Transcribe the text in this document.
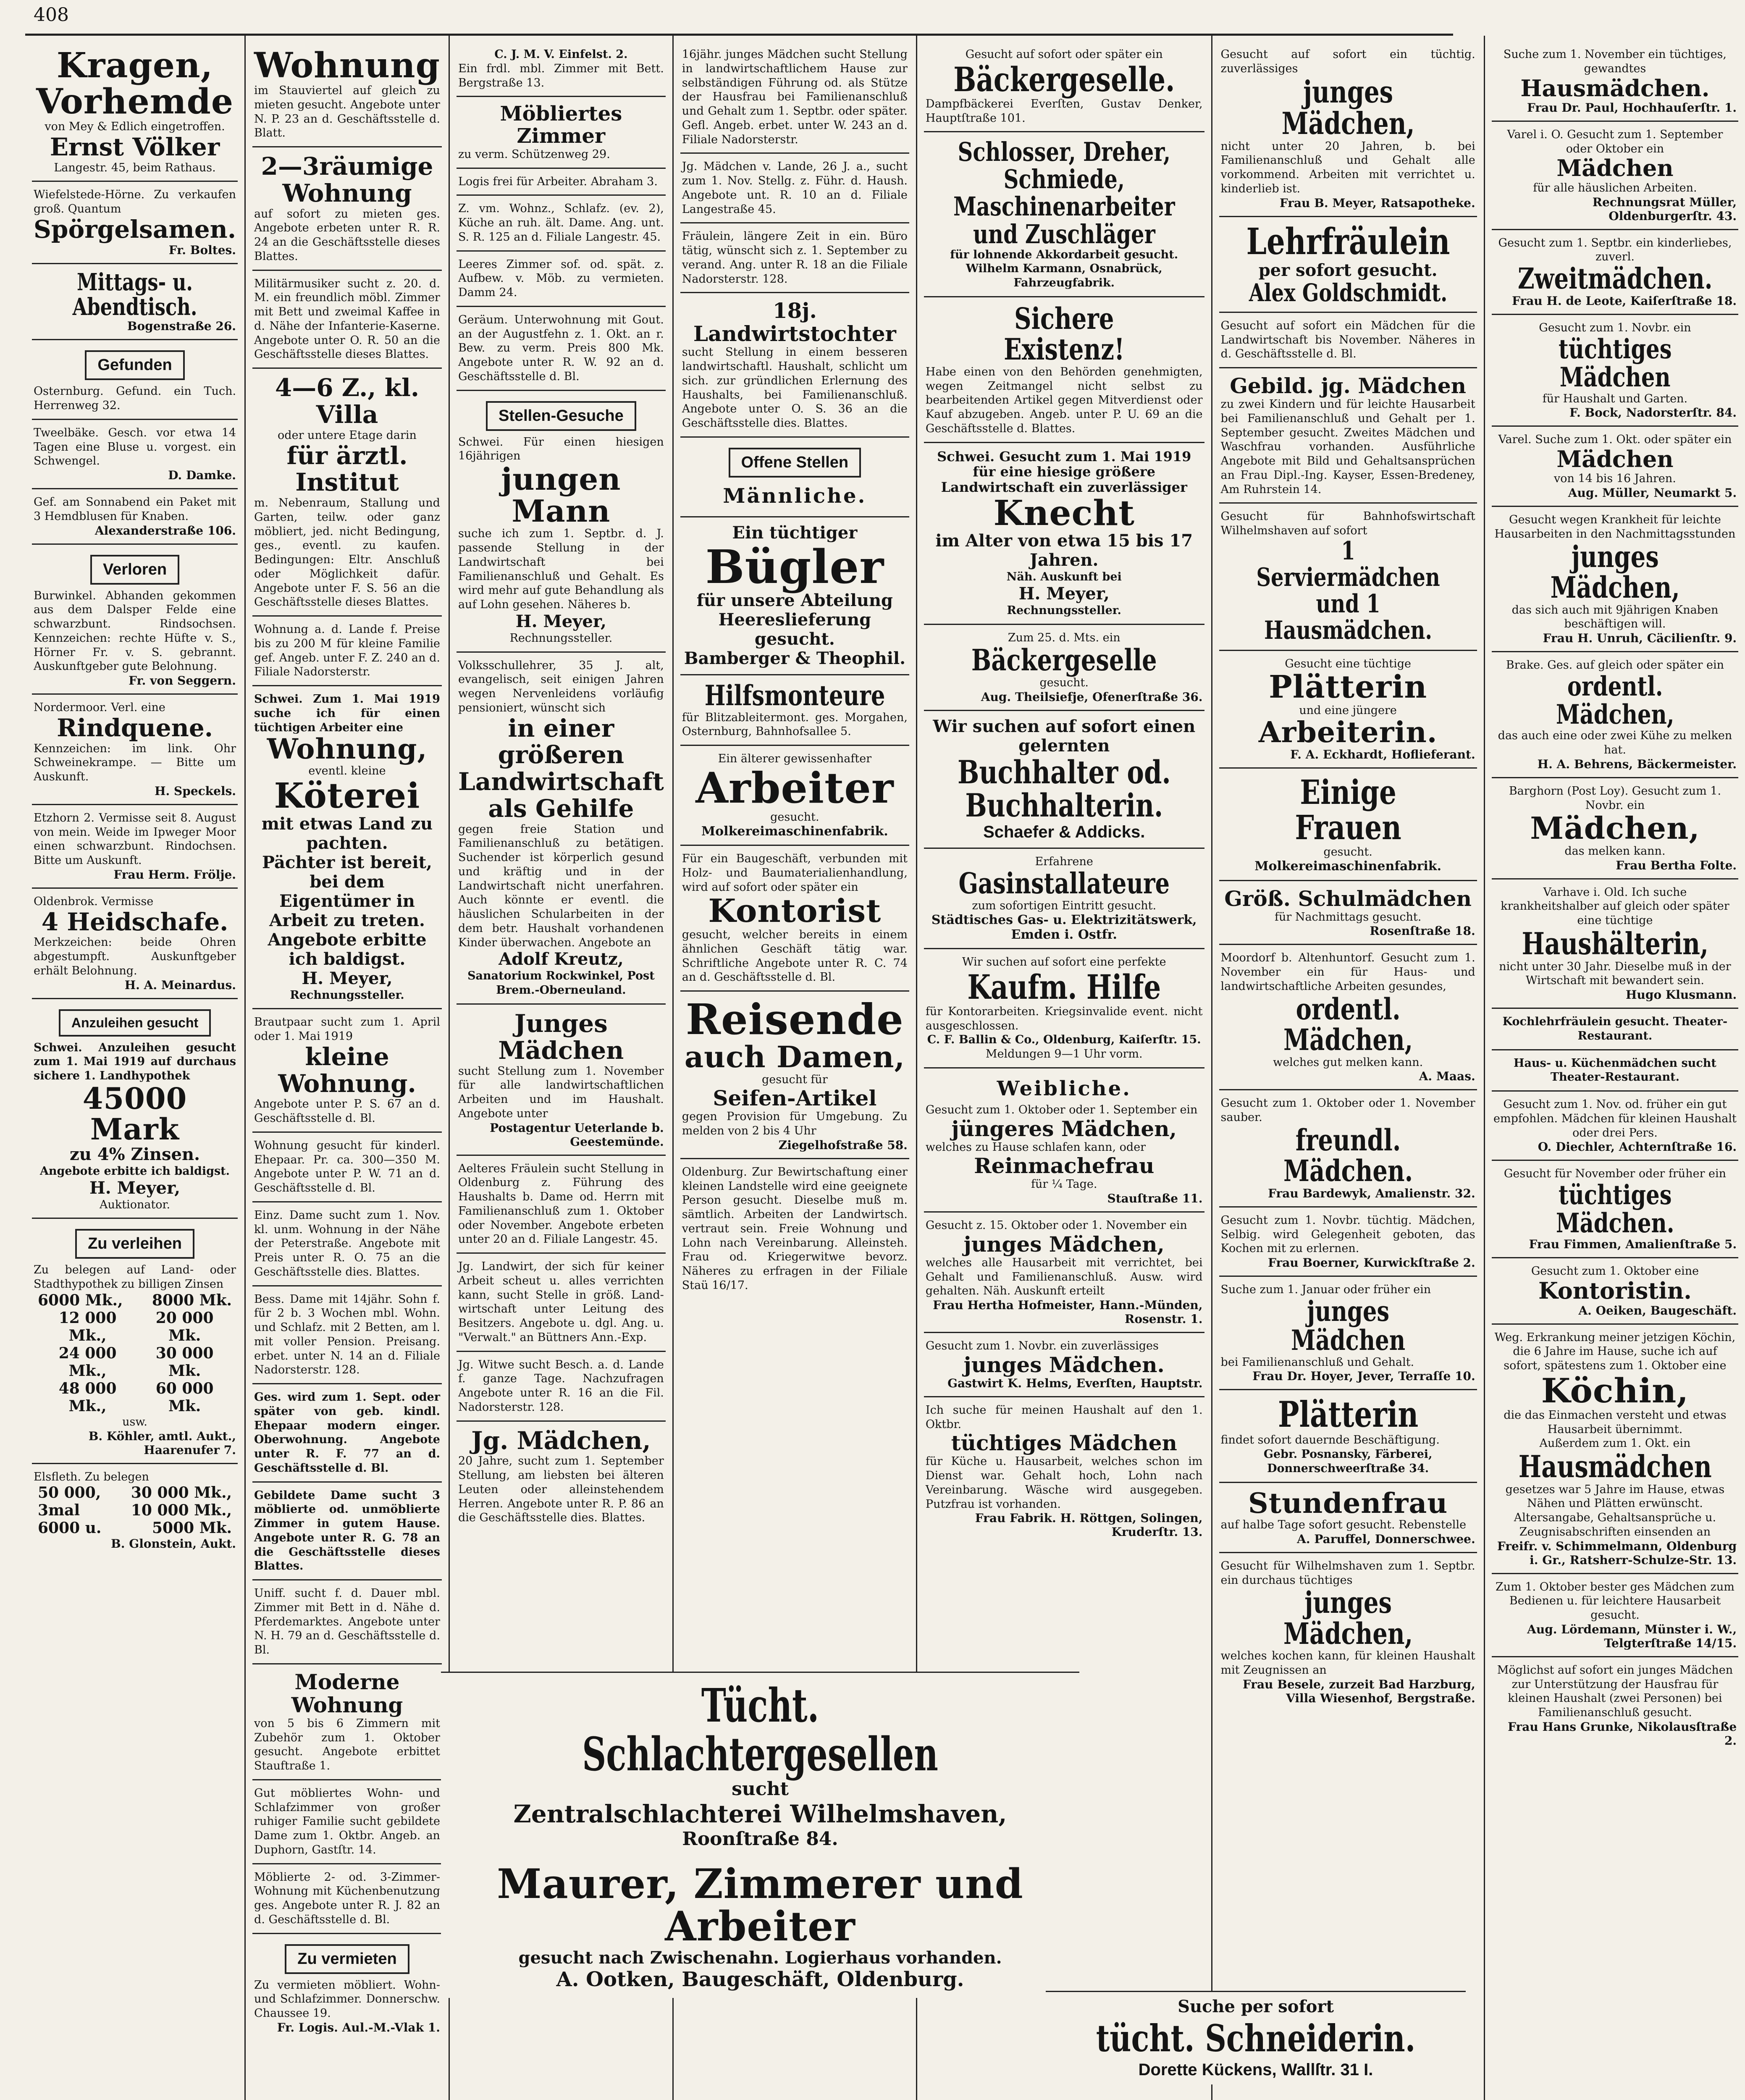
408
Kragen,
Vorhemde
von Mey & Edlich eingetroffen.
Ernst Völker
Langestr. 45, beim Rathaus.
Wiefelstede-Hörne. Zu verkaufen groß. Quantum
Spörgelsamen.
Fr. Boltes.
Mittags- u. Abendtisch.
Bogenstraße 26.
Gefunden
Osternburg. Gefund. ein Tuch. Herrenweg 32.
Tweelbäke. Gesch. vor etwa 14 Tagen eine Bluse u. vorgest. ein Schwengel.
D. Damke.
Gef. am Sonnabend ein Paket mit 3 Hemdblusen für Knaben.
Alexanderstraße 106.
Verloren
Burwinkel. Abhanden gekommen aus dem Dalsper Felde eine schwarzbunt. Rindsochsen. Kennzeichen: rechte Hüfte v. S., Hörner Fr. v. S. gebrannt. Auskunftgeber gute Belohnung.
Fr. von Seggern.
Nordermoor. Verl. eine
Rindquene.
Kennzeichen: im link. Ohr Schweinekrampe. — Bitte um Auskunft.
H. Speckels.
Etzhorn 2. Vermisse seit 8. August von mein. Weide im Ipweger Moor einen schwarzbunt. Rindochsen. Bitte um Auskunft.
Frau Herm. Frölje.
Oldenbrok. Vermisse
4 Heidschafe.
Merkzeichen: beide Ohren abgestumpft. Auskunftgeber erhält Belohnung.
H. A. Meinardus.
Anzuleihen gesucht
Schwei. Anzuleihen gesucht zum 1. Mai 1919 auf durchaus sichere 1. Landhypothek
45000 Mark
zu 4% Zinsen.
Angebote erbitte ich baldigst.
H. Meyer,
Auktionator.
Zu verleihen
Zu belegen auf Land- oder Stadthypothek zu billigen Zinsen
6000 Mk., 8000 Mk.
12 000 Mk.,
20 000 Mk.
24 000 Mk.,
30 000 Mk.
48 000 Mk.,
60 000 Mk.
usw.
B. Köhler, amtl. Aukt., Haarenufer 7.
Elsfleth. Zu belegen
50 000, 30 000 Mk.,
3mal	10 000 Mk.,
6000 u.	5000 Mk.
B. Glonstein, Aukt.
Wohnung
im Stauviertel auf gleich zu mieten gesucht. Angebote unter N. P. 23 an d. Geschäftsstelle d. Blatt.
2—3räumige
Wohnung
auf sofort zu mieten ges. Angebote erbeten unter R. R. 24 an die Geschäftsstelle dieses Blattes.
Militärmusiker sucht z. 20. d. M. ein freundlich möbl. Zimmer mit Bett und zweimal Kaffee in d. Nähe der Infanterie-Kaserne. Angebote unter O. R. 50 an die Geschäftsstelle dieses Blattes.
4—6 Z., kl. Villa
oder untere Etage darin
für ärztl. Institut
m. Nebenraum, Stallung und Garten, teilw. oder ganz möbliert, jed. nicht Bedingung, ges., eventl. zu kaufen. Bedingungen: Eltr. Anschluß oder Möglichkeit dafür. Angebote unter F. S. 56 an die Geschäftsstelle dieses Blattes.
Wohnung a. d. Lande f. Preise bis zu 200 M für kleine Familie gef. Angeb. unter F. Z. 240 an d. Filiale Nadorsterstr.
Schwei. Zum 1. Mai 1919 suche ich für einen tüchtigen Arbeiter eine
Wohnung,
eventl. kleine
Köterei
mit etwas Land zu pachten.
Pächter ist bereit, bei dem Eigentümer in Arbeit zu treten.
Angebote erbitte ich baldigst.
H. Meyer,
Rechnungssteller.
Brautpaar sucht zum 1. April oder 1. Mai 1919
kleine Wohnung.
Angebote unter P. S. 67 an d. Geschäftsstelle d. Bl.
Wohnung gesucht für kinderl. Ehepaar. Pr. ca. 300—350 M. Angebote unter P. W. 71 an d. Geschäftsstelle d. Bl.
Einz. Dame sucht zum 1. Nov. kl. unm. Wohnung in der Nähe der Peterstraße. Angebote mit Preis unter R. O. 75 an die Geschäftsstelle dies. Blattes.
Bess. Dame mit 14jähr. Sohn f. für 2 b. 3 Wochen mbl. Wohn. und Schlafz. mit 2 Betten, am l. mit voller Pension. Preisang. erbet. unter N. 14 an d. Filiale Nadorsterstr. 128.
Ges. wird zum 1. Sept. oder später von geb. kindl. Ehepaar modern einger. Oberwohnung. Angebote unter R. F. 77 an d. Geschäftsstelle d. Bl.
Gebildete Dame sucht 3 möblierte od. unmöblierte Zimmer in gutem Hause. Angebote unter R. G. 78 an die Geschäftsstelle dieses Blattes.
Uniff. sucht f. d. Dauer mbl. Zimmer mit Bett in d. Nähe d. Pferdemarktes. Angebote unter N. H. 79 an d. Geschäftsstelle d. Bl.
Moderne Wohnung
von 5 bis 6 Zimmern mit Zubehör zum 1. Oktober gesucht. Angebote erbittet Stauftraße 1.
Gut möbliertes Wohn- und Schlafzimmer von großer ruhiger Familie sucht gebildete Dame zum 1. Oktbr. Angeb. an Duphorn, Gastſtr. 14.
Möblierte 2- od. 3-Zimmer-Wohnung mit Küchenbenutzung ges. Angebote unter R. J. 82 an d. Geschäftsstelle d. Bl.
Zu vermieten
Zu vermieten möbliert. Wohn- und Schlafzimmer. Donnerschw. Chaussee 19.
Fr. Logis. Aul.-M.-Vlak 1.
C. J. M. V. Einfelst. 2.
Ein frdl. mbl. Zimmer mit Bett. Bergstraße 13.
Möbliertes Zimmer
zu verm. Schützenweg 29.
Logis frei für Arbeiter. Abraham 3.
Z. vm. Wohnz., Schlafz. (ev. 2), Küche an ruh. ält. Dame. Ang. unt. S. R. 125 an d. Filiale Langestr. 45.
Leeres Zimmer sof. od. spät. z. Aufbew. v. Möb. zu vermieten. Damm 24.
Geräum. Unterwohnung mit Gout. an der Augustfehn z. 1. Okt. an r. Bew. zu verm. Preis 800 Mk. Angebote unter R. W. 92 an d. Geschäftsstelle d. Bl.
Stellen-Gesuche
Schwei. Für einen hiesigen 16jährigen
jungen Mann
suche ich zum 1. Septbr. d. J. passende Stellung in der Landwirtschaft bei Familienanschluß und Gehalt. Es wird mehr auf gute Behandlung als auf Lohn gesehen. Näheres b.
H. Meyer,
Rechnungssteller.
Volksschullehrer, 35 J. alt, evangelisch, seit einigen Jahren wegen Nervenleidens vorläufig pensioniert, wünscht sich
in einer größeren Landwirtschaft als Gehilfe
gegen freie Station und Familienanschluß zu betätigen. Suchender ist körperlich gesund und kräftig und in der Landwirtschaft nicht unerfahren. Auch könnte er eventl. die häuslichen Schularbeiten in der dem betr. Haushalt vorhandenen Kinder überwachen. Angebote an
Adolf Kreutz,
Sanatorium Rockwinkel, Post Brem.-Oberneuland.
Junges Mädchen
sucht Stellung zum 1. November für alle landwirtschaftlichen Arbeiten und im Haushalt. Angebote unter
Postagentur Ueterlande b. Geestemünde.
Aelteres Fräulein sucht Stellung in Oldenburg z. Führung des Haushalts b. Dame od. Herrn mit Familienanschluß zum 1. Oktober oder November. Angebote erbeten unter 20 an d. Filiale Langestr. 45.
Jg. Landwirt, der sich für keiner Arbeit scheut u. alles verrichten kann, sucht Stelle in größ. Land- wirtschaft unter Leitung des Besitzers. Angebote u. dgl. Ang. u. "Verwalt." an Büttners Ann.-Exp.
Jg. Witwe sucht Besch. a. d. Lande f. ganze Tage. Nachzufragen Angebote unter R. 16 an die Fil. Nadorsterstr. 128.
Jg. Mädchen,
20 Jahre, sucht zum 1. September Stellung, am liebsten bei älteren Leuten oder alleinstehendem Herren. Angebote unter R. P. 86 an die Geschäftsstelle dies. Blattes.
16jähr. junges Mädchen sucht Stellung in landwirtschaftlichem Hause zur selbständigen Führung od. als Stütze der Hausfrau bei Familienanschluß und Gehalt zum 1. Septbr. oder später. Gefl. Angeb. erbet. unter W. 243 an d. Filiale Nadorsterstr.
Jg. Mädchen v. Lande, 26 J. a., sucht zum 1. Nov. Stellg. z. Führ. d. Haush. Angebote unt. R. 10 an d. Filiale Langestraße 45.
Fräulein, längere Zeit in ein. Büro tätig, wünscht sich z. 1. September zu verand. Ang. unter R. 18 an die Filiale Nadorsterstr. 128.
18j. Landwirtstochter
sucht Stellung in einem besseren landwirtschaftl. Haushalt, schlicht um sich. zur gründlichen Erlernung des Haushalts, bei Familienanschluß. Angebote unter O. S. 36 an die Geschäftsstelle dies. Blattes.
Offene Stellen
Männliche.
Ein tüchtiger
Bügler
für unsere Abteilung Heereslieferung gesucht.
Bamberger & Theophil.
Hilfsmonteure
für Blitzableitermont. ges. Morgahen, Osternburg, Bahnhofsallee 5.
Ein älterer gewissenhafter
Arbeiter
gesucht.
Molkereimaschinenfabrik.
Für ein Baugeschäft, verbunden mit Holz- und Baumaterialienhandlung, wird auf sofort oder später ein
Kontorist
gesucht, welcher bereits in einem ähnlichen Geschäft tätig war. Schriftliche Angebote unter R. C. 74 an d. Geschäftsstelle d. Bl.
Reisende
auch Damen,
gesucht für
Seifen-Artikel
gegen Provision für Umgebung. Zu melden von 2 bis 4 Uhr
Ziegelhofstraße 58.
Oldenburg. Zur Bewirtschaftung einer kleinen Landstelle wird eine geeignete Person gesucht. Dieselbe muß m. sämtlich. Arbeiten der Landwirtsch. vertraut sein. Freie Wohnung und Lohn nach Vereinbarung. Alleinsteh. Frau od. Kriegerwitwe bevorz. Näheres zu erfragen in der Filiale Staü 16/17.
Gesucht auf sofort oder später ein
Bäckergeselle.
Dampfbäckerei Everſten, Gustav Denker, Hauptſtraße 101.
Schlosser, Dreher, Schmiede, Maschinenarbeiter und Zuschläger
für lohnende Akkordarbeit gesucht.
Wilhelm Karmann, Osnabrück, Fahrzeugfabrik.
Sichere Existenz!
Habe einen von den Behörden genehmigten, wegen Zeitmangel nicht selbst zu bearbeitenden Artikel gegen Mitverdienst oder Kauf abzugeben. Angeb. unter P. U. 69 an die Geschäftsstelle d. Blattes.
Schwei. Gesucht zum 1. Mai 1919 für eine hiesige größere Landwirtschaft ein zuverlässiger
Knecht
im Alter von etwa 15 bis 17 Jahren.
Näh. Auskunft bei
H. Meyer,
Rechnungssteller.
Zum 25. d. Mts. ein
Bäckergeselle
gesucht.
Aug. Theilsiefje, Ofenerſtraße 36.
Wir suchen auf sofort einen gelernten
Buchhalter od. Buchhalterin.
Schaefer & Addicks.
Erfahrene
Gasinstallateure
zum sofortigen Eintritt gesucht.
Städtisches Gas- u. Elektrizitätswerk, Emden i. Ostfr.
Wir suchen auf sofort eine perfekte
Kaufm. Hilfe
für Kontorarbeiten. Kriegsinvalide event. nicht ausgeschlossen.
C. F. Ballin & Co., Oldenburg, Kaiſerſtr. 15.
Meldungen 9—1 Uhr vorm.
Weibliche.
Gesucht zum 1. Oktober oder 1. September ein
jüngeres Mädchen,
welches zu Hause schlafen kann, oder
Reinmachefrau
für ¼ Tage.
Stauſtraße 11.
Gesucht z. 15. Oktober oder 1. November ein
junges Mädchen,
welches alle Hausarbeit mit verrichtet, bei Gehalt und Familienanschluß. Ausw. wird gehalten. Näh. Auskunft erteilt
Frau Hertha Hofmeister, Hann.-Münden, Rosenstr. 1.
Gesucht zum 1. Novbr. ein zuverlässiges
junges Mädchen.
Gastwirt K. Helms, Everſten, Hauptstr.
Ich suche für meinen Haushalt auf den 1. Oktbr.
tüchtiges Mädchen
für Küche u. Hausarbeit, welches schon im Dienst war. Gehalt hoch, Lohn nach Vereinbarung. Wäsche wird ausgegeben. Putzfrau ist vorhanden.
Frau Fabrik. H. Röttgen, Solingen, Kruderſtr. 13.
Gesucht auf sofort ein tüchtig. zuverlässiges
junges Mädchen,
nicht unter 20 Jahren, b. bei Familienanschluß und Gehalt alle vorkommend. Arbeiten mit verrichtet u. kinderlieb ist.
Frau B. Meyer, Ratsapotheke.
Lehrfräulein
per sofort gesucht.
Alex Goldschmidt.
Gesucht auf sofort ein Mädchen für die Landwirtschaft bis November. Näheres in d. Geschäftsstelle d. Bl.
Gebild. jg. Mädchen
zu zwei Kindern und für leichte Hausarbeit bei Familienanschluß und Gehalt per 1. September gesucht. Zweites Mädchen und Waschfrau vorhanden. Ausführliche Angebote mit Bild und Gehaltsansprüchen an Frau Dipl.-Ing. Kayser, Essen-Bredeney, Am Ruhrstein 14.
Gesucht für Bahnhofswirtschaft Wilhelmshaven auf sofort
1 Serviermädchen und 1 Hausmädchen.
Gesucht eine tüchtige
Plätterin
und eine jüngere
Arbeiterin.
F. A. Eckhardt, Hoflieferant.
Einige Frauen
gesucht.
Molkereimaschinenfabrik.
Größ. Schulmädchen
für Nachmittags gesucht.
Rosenſtraße 18.
Moordorf b. Altenhuntorf. Gesucht zum 1. November ein für Haus- und landwirtschaftliche Arbeiten gesundes,
ordentl. Mädchen,
welches gut melken kann.
A. Maas.
Gesucht zum 1. Oktober oder 1. November sauber.
freundl. Mädchen.
Frau Bardewyk, Amalienstr. 32.
Gesucht zum 1. Novbr. tüchtig. Mädchen, Selbig. wird Gelegenheit geboten, das Kochen mit zu erlernen.
Frau Boerner, Kurwickſtraße 2.
Suche zum 1. Januar oder früher ein
junges Mädchen
bei Familienanschluß und Gehalt.
Frau Dr. Hoyer, Jever, Terraſſe 10.
Plätterin
findet sofort dauernde Beschäftigung.
Gebr. Posnansky, Färberei, Donnerschweerſtraße 34.
Stundenfrau
auf halbe Tage sofort gesucht. Rebenstelle
A. Paruffel, Donnerschwee.
Gesucht für Wilhelmshaven zum 1. Septbr. ein durchaus tüchtiges
junges Mädchen,
welches kochen kann, für kleinen Haushalt mit Zeugnissen an
Frau Besele, zurzeit Bad Harzburg, Villa Wiesenhof, Bergstraße.
Suche zum 1. November ein tüchtiges, gewandtes
Hausmädchen.
Frau Dr. Paul, Hochhauſerſtr. 1.
Varel i. O. Gesucht zum 1. September oder Oktober ein
Mädchen
für alle häuslichen Arbeiten.
Rechnungsrat Müller, Oldenburgerſtr. 43.
Gesucht zum 1. Septbr. ein kinderliebes, zuverl.
Zweitmädchen.
Frau H. de Leote, Kaiſerſtraße 18.
Gesucht zum 1. Novbr. ein
tüchtiges Mädchen
für Haushalt und Garten.
F. Bock, Nadorsterſtr. 84.
Varel. Suche zum 1. Okt. oder später ein
Mädchen
von 14 bis 16 Jahren.
Aug. Müller, Neumarkt 5.
Gesucht wegen Krankheit für leichte Hausarbeiten in den Nachmittagsstunden
junges Mädchen,
das sich auch mit 9jährigen Knaben beschäftigen will.
Frau H. Unruh, Cäcilienſtr. 9.
Brake. Ges. auf gleich oder später ein
ordentl. Mädchen,
das auch eine oder zwei Kühe zu melken hat.
H. A. Behrens, Bäckermeister.
Barghorn (Post Loy). Gesucht zum 1. Novbr. ein
Mädchen,
das melken kann.
Frau Bertha Folte.
Varhave i. Old. Ich suche krankheitshalber auf gleich oder später eine tüchtige
Haushälterin,
nicht unter 30 Jahr. Dieselbe muß in der Wirtschaft mit bewandert sein.
Hugo Klusmann.
Kochlehrfräulein gesucht. Theater-Restaurant.
Haus- u. Küchenmädchen sucht Theater-Restaurant.
Gesucht zum 1. Nov. od. früher ein gut empfohlen. Mädchen für kleinen Haushalt oder drei Pers.
O. Diechler, Achternſtraße 16.
Gesucht für November oder früher ein
tüchtiges Mädchen.
Frau Fimmen, Amalienſtraße 5.
Gesucht zum 1. Oktober eine
Kontoristin.
A. Oeiken, Baugeschäft.
Weg. Erkrankung meiner jetzigen Köchin, die 6 Jahre im Hause, suche ich auf sofort, spätestens zum 1. Oktober eine
Köchin,
die das Einmachen versteht und etwas Hausarbeit übernimmt.
Außerdem zum 1. Okt. ein
Hausmädchen
gesetzes war 5 Jahre im Hause, etwas Nähen und Plätten erwünscht. Altersangabe, Gehaltsansprüche u. Zeugnisabschriften einsenden an
Freifr. v. Schimmelmann, Oldenburg i. Gr., Ratsherr-Schulze-Str. 13.
Zum 1. Oktober bester ges Mädchen zum Bedienen u. für leichtere Hausarbeit gesucht.
Aug. Lördemann, Münster i. W., Telgterſtraße 14/15.
Möglichst auf sofort ein junges Mädchen zur Unterstützung der Hausfrau für kleinen Haushalt (zwei Personen) bei Familienanschluß gesucht.
Frau Hans Grunke, Nikolausſtraße 2.
Tücht. Schlachtergesellen
sucht
Zentralschlachterei Wilhelmshaven,
Roonſtraße 84.
Maurer, Zimmerer und Arbeiter
gesucht nach Zwischenahn. Logierhaus vorhanden.
A. Ootken, Baugeschäft, Oldenburg.
Suche per sofort
tücht. Schneiderin.
Dorette Kückens, Wallſtr. 31 I.
